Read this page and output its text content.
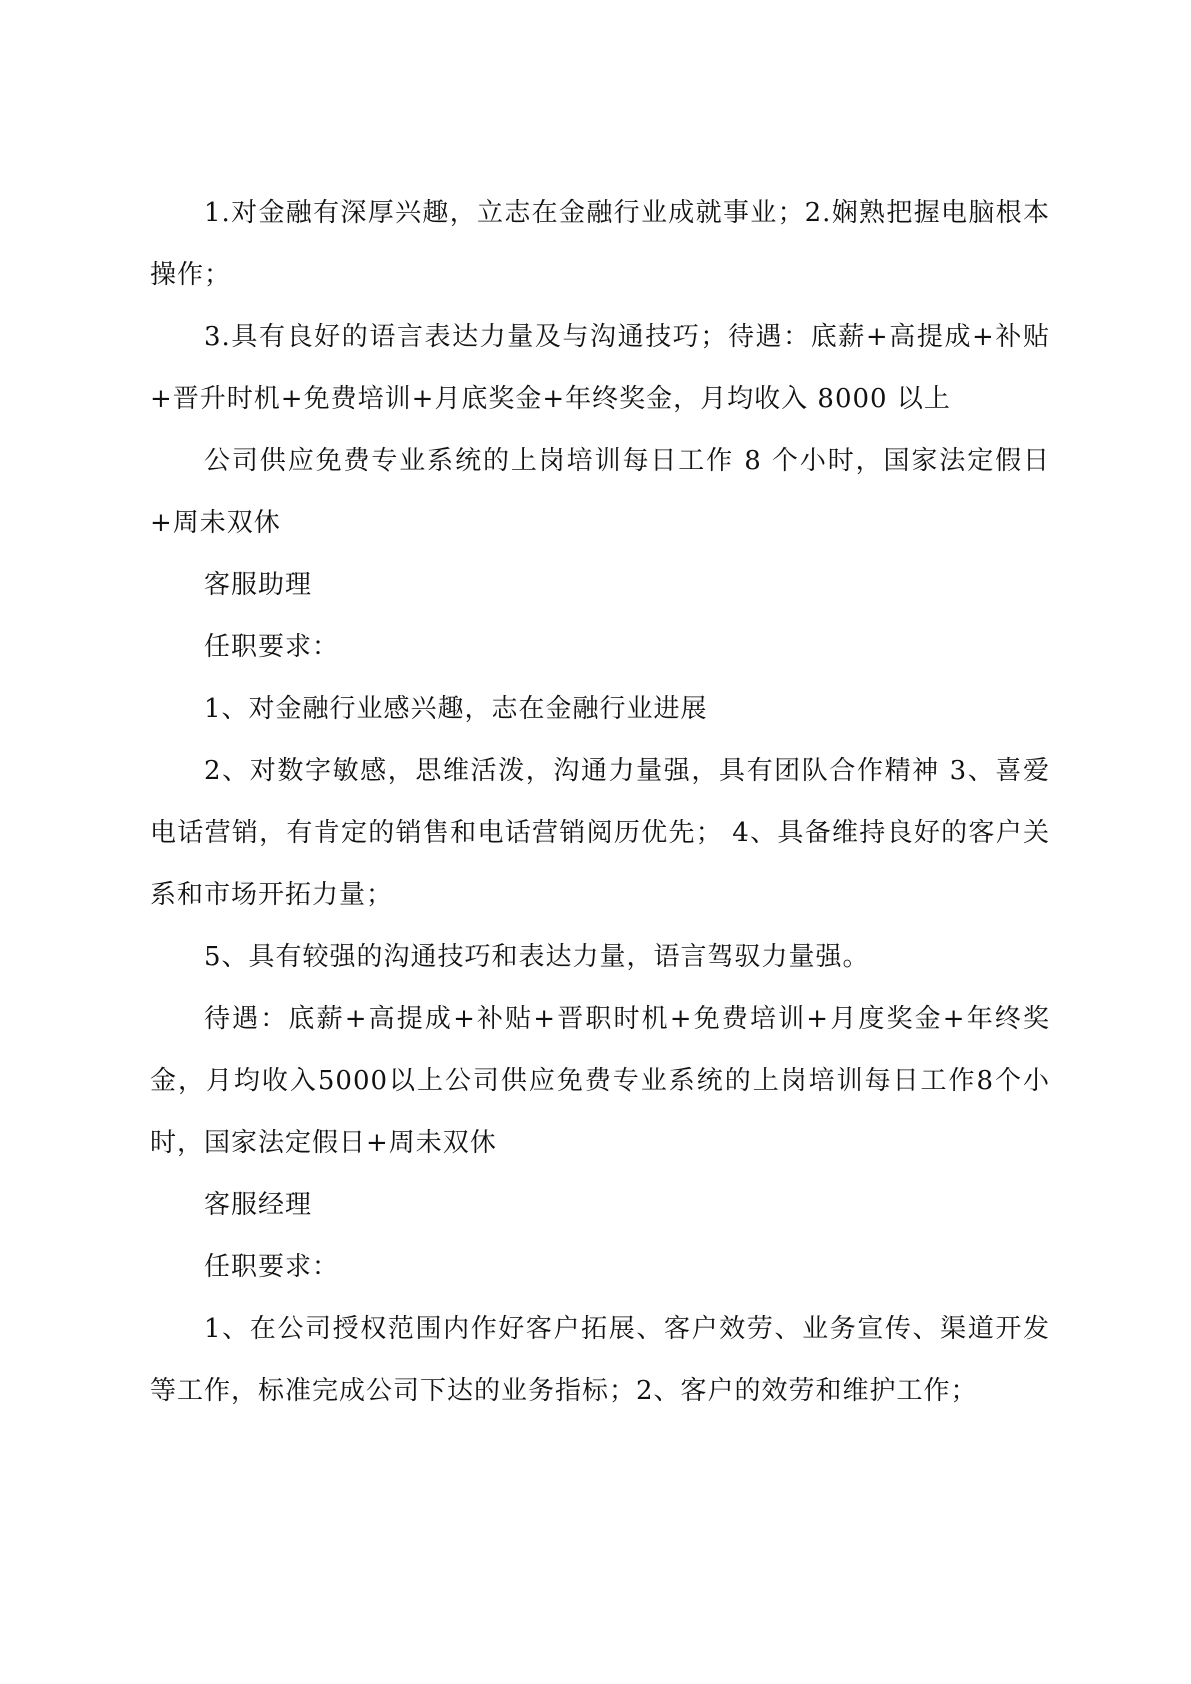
1.对金融有深厚兴趣，立志在金融行业成就事业；2.娴熟把握电脑根本操作；

3.具有良好的语言表达力量及与沟通技巧；待遇：底薪+高提成+补贴+晋升时机+免费培训+月底奖金+年终奖金，月均收入 8000 以上

公司供应免费专业系统的上岗培训每日工作 8 个小时，国家法定假日+周未双休

客服助理

任职要求：

1、对金融行业感兴趣，志在金融行业进展

2、对数字敏感，思维活泼，沟通力量强，具有团队合作精神 3、喜爱电话营销，有肯定的销售和电话营销阅历优先； 4、具备维持良好的客户关系和市场开拓力量；

5、具有较强的沟通技巧和表达力量，语言驾驭力量强。

待遇：底薪+高提成+补贴+晋职时机+免费培训+月度奖金+年终奖金，月均收入5000以上公司供应免费专业系统的上岗培训每日工作8个小时，国家法定假日+周未双休

客服经理

任职要求：

1、在公司授权范围内作好客户拓展、客户效劳、业务宣传、渠道开发等工作，标准完成公司下达的业务指标；2、客户的效劳和维护工作；
